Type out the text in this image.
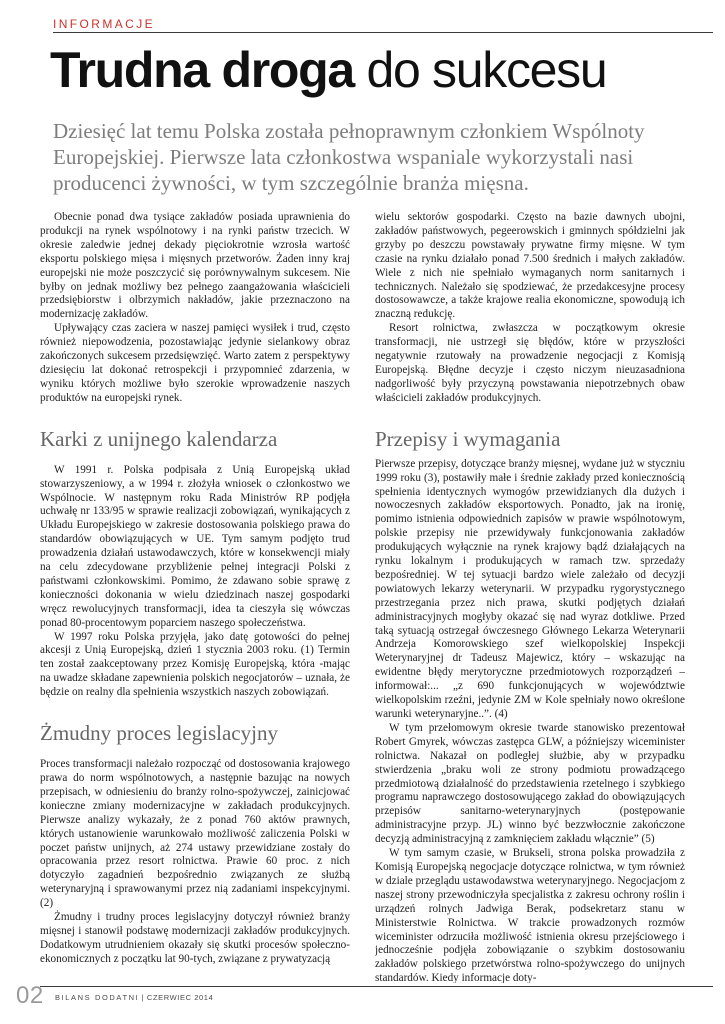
INFORMACJE
Trudna droga do sukcesu

Dziesięć lat temu Polska została pełnoprawnym członkiem Wspólnoty Europejskiej. Pierwsze lata członkostwa wspaniale wykorzystali nasi producenci żywności, w tym szczególnie branża mięsna.

Obecnie ponad dwa tysiące zakładów posiada uprawnienia do produkcji na rynek wspólnotowy i na rynki państw trzecich. W okresie zaledwie jednej dekady pięciokrotnie wzrosła wartość eksportu polskiego mięsa i mięsnych przetworów. Żaden inny kraj europejski nie może poszczycić się porównywalnym sukcesem. Nie byłby on jednak możliwy bez pełnego zaangażowania właścicieli przedsiębiorstw i olbrzymich nakładów, jakie przeznaczono na modernizację zakładów.

Upływający czas zaciera w naszej pamięci wysiłek i trud, często również niepowodzenia, pozostawiając jedynie sielankowy obraz zakończonych sukcesem przedsięwzięć. Warto zatem z perspektywy dziesięciu lat dokonać retrospekcji i przypomnieć zdarzenia, w wyniku których możliwe było szerokie wprowadzenie naszych produktów na europejski rynek.

Karki z unijnego kalendarza

W 1991 r. Polska podpisała z Unią Europejską układ stowarzyszeniowy, a w 1994 r. złożyła wniosek o członkostwo we Wspólnocie. W następnym roku Rada Ministrów RP podjęła uchwałę nr 133/95 w sprawie realizacji zobowiązań, wynikających z Układu Europejskiego w zakresie dostosowania polskiego prawa do standardów obowiązujących w UE. Tym samym podjęto trud prowadzenia działań ustawodawczych, które w konsekwencji miały na celu zdecydowane przybliżenie pełnej integracji Polski z państwami członkowskimi. Pomimo, że zdawano sobie sprawę z konieczności dokonania w wielu dziedzinach naszej gospodarki wręcz rewolucyjnych transformacji, idea ta cieszyła się wówczas ponad 80-procentowym poparciem naszego społeczeństwa.

W 1997 roku Polska przyjęła, jako datę gotowości do pełnej akcesji z Unią Europejską, dzień 1 stycznia 2003 roku. (1) Termin ten został zaakceptowany przez Komisję Europejską, która -mając na uwadze składane zapewnienia polskich negocjatorów – uznała, że będzie on realny dla spełnienia wszystkich naszych zobowiązań.

Żmudny proces legislacyjny

Proces transformacji należało rozpocząć od dostosowania krajowego prawa do norm wspólnotowych, a następnie bazując na nowych przepisach, w odniesieniu do branży rolno-spożywczej, zainicjować konieczne zmiany modernizacyjne w zakładach produkcyjnych. Pierwsze analizy wykazały, że z ponad 760 aktów prawnych, których ustanowienie warunkowało możliwość zaliczenia Polski w poczet państw unijnych, aż 274 ustawy przewidziane zostały do opracowania przez resort rolnictwa. Prawie 60 proc. z nich dotyczyło zagadnień bezpośrednio związanych ze służbą weterynaryjną i sprawowanymi przez nią zadaniami inspekcyjnymi. (2)

Żmudny i trudny proces legislacyjny dotyczył również branży mięsnej i stanowił podstawę modernizacji zakładów produkcyjnych. Dodatkowym utrudnieniem okazały się skutki procesów społeczno-ekonomicznych z początku lat 90-tych, związane z prywatyzacją

wielu sektorów gospodarki. Często na bazie dawnych ubojni, zakładów państwowych, pegeerowskich i gminnych spółdzielni jak grzyby po deszczu powstawały prywatne firmy mięsne. W tym czasie na rynku działało ponad 7.500 średnich i małych zakładów. Wiele z nich nie spełniało wymaganych norm sanitarnych i technicznych. Należało się spodziewać, że przedakcesyjne procesy dostosowawcze, a także krajowe realia ekonomiczne, spowodują ich znaczną redukcję.

Resort rolnictwa, zwłaszcza w początkowym okresie transformacji, nie ustrzegł się błędów, które w przyszłości negatywnie rzutowały na prowadzenie negocjacji z Komisją Europejską. Błędne decyzje i często niczym nieuzasadniona nadgorliwość były przyczyną powstawania niepotrzebnych obaw właścicieli zakładów produkcyjnych.

Przepisy i wymagania

Pierwsze przepisy, dotyczące branży mięsnej, wydane już w styczniu 1999 roku (3), postawiły małe i średnie zakłady przed koniecznością spełnienia identycznych wymogów przewidzianych dla dużych i nowoczesnych zakładów eksportowych. Ponadto, jak na ironię, pomimo istnienia odpowiednich zapisów w prawie wspólnotowym, polskie przepisy nie przewidywały funkcjonowania zakładów produkujących wyłącznie na rynek krajowy bądź działających na rynku lokalnym i produkujących w ramach tzw. sprzedaży bezpośredniej. W tej sytuacji bardzo wiele zależało od decyzji powiatowych lekarzy weterynarii. W przypadku rygorystycznego przestrzegania przez nich prawa, skutki podjętych działań administracyjnych mogłyby okazać się nad wyraz dotkliwe. Przed taką sytuacją ostrzegał ówczesnego Głównego Lekarza Weterynarii Andrzeja Komorowskiego szef wielkopolskiej Inspekcji Weterynaryjnej dr Tadeusz Majewicz, który – wskazując na ewidentne błędy merytoryczne przedmiotowych rozporządzeń – informował:... „z 690 funkcjonujących w województwie wielkopolskim rzeźni, jedynie ZM w Kole spełniały nowo określone warunki weterynaryjne..”. (4)

W tym przełomowym okresie twarde stanowisko prezentował Robert Gmyrek, wówczas zastępca GLW, a późniejszy wiceminister rolnictwa. Nakazał on podległej służbie, aby w przypadku stwierdzenia „braku woli ze strony podmiotu prowadzącego przedmiotową działalność do przedstawienia rzetelnego i szybkiego programu naprawczego dostosowującego zakład do obowiązujących przepisów sanitarno-weterynaryjnych (postępowanie administracyjne przyp. JL) winno być bezzwłocznie zakończone decyzją administracyjną z zamknięciem zakładu włącznie” (5)

W tym samym czasie, w Brukseli, strona polska prowadziła z Komisją Europejską negocjacje dotyczące rolnictwa, w tym również w dziale przeglądu ustawodawstwa weterynaryjnego. Negocjacjom z naszej strony przewodniczyła specjalistka z zakresu ochrony roślin i urządzeń rolnych Jadwiga Berak, podsekretarz stanu w Ministerstwie Rolnictwa. W trakcie prowadzonych rozmów wiceminister odrzuciła możliwość istnienia okresu przejściowego i jednocześnie podjęła zobowiązanie o szybkim dostosowaniu zakładów polskiego przetwórstwa rolno-spożywczego do unijnych standardów. Kiedy informacje doty-

02 BILANS DODATNI | CZERWIEC 2014
